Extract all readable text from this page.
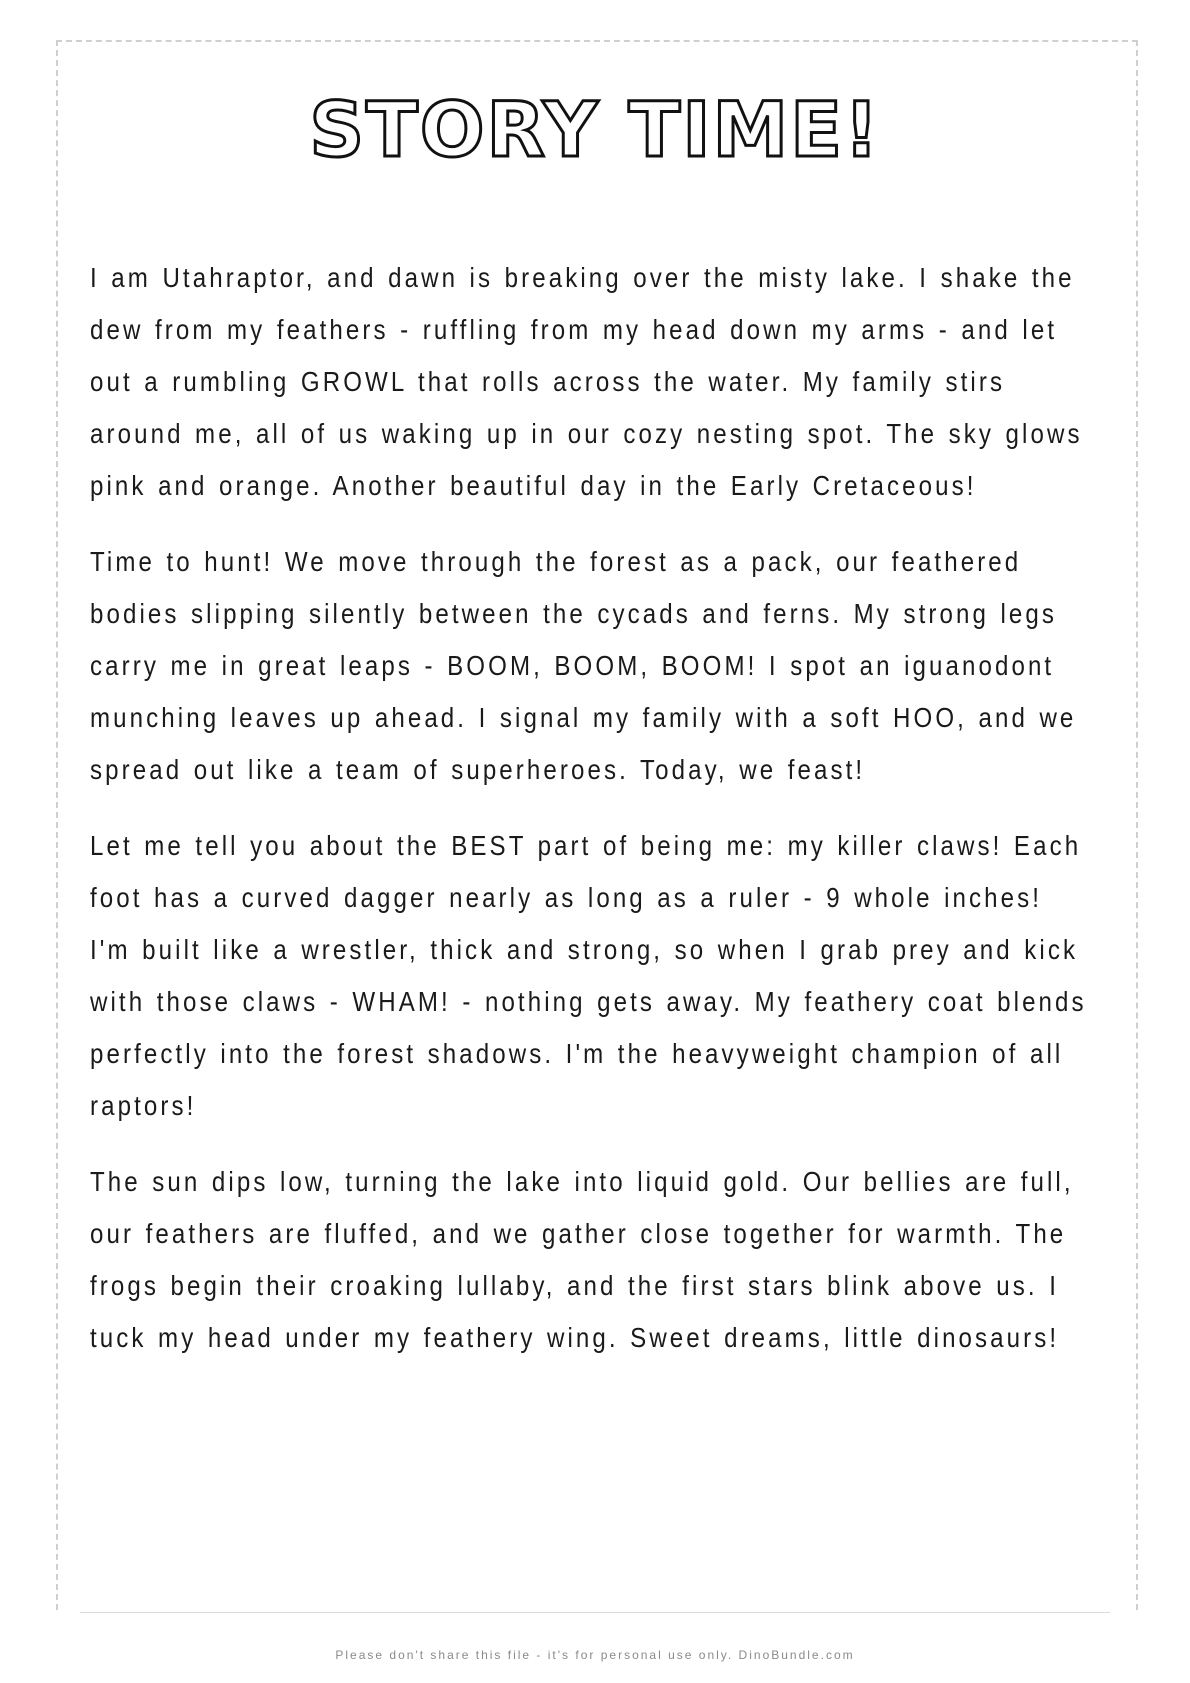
STORY TIME!

I am Utahraptor, and dawn is breaking over the misty lake. I shake the dew from my feathers - ruffling from my head down my arms - and let out a rumbling GROWL that rolls across the water. My family stirs around me, all of us waking up in our cozy nesting spot. The sky glows pink and orange. Another beautiful day in the Early Cretaceous!

Time to hunt! We move through the forest as a pack, our feathered bodies slipping silently between the cycads and ferns. My strong legs carry me in great leaps - BOOM, BOOM, BOOM! I spot an iguanodont munching leaves up ahead. I signal my family with a soft HOO, and we spread out like a team of superheroes. Today, we feast!

Let me tell you about the BEST part of being me: my killer claws! Each foot has a curved dagger nearly as long as a ruler - 9 whole inches! I'm built like a wrestler, thick and strong, so when I grab prey and kick with those claws - WHAM! - nothing gets away. My feathery coat blends perfectly into the forest shadows. I'm the heavyweight champion of all raptors!

The sun dips low, turning the lake into liquid gold. Our bellies are full, our feathers are fluffed, and we gather close together for warmth. The frogs begin their croaking lullaby, and the first stars blink above us. I tuck my head under my feathery wing. Sweet dreams, little dinosaurs!

Please don't share this file - it's for personal use only. DinoBundle.com
